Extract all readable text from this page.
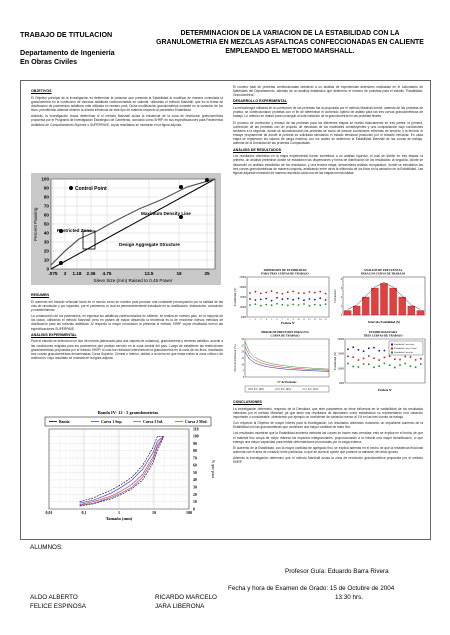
TRABAJO DE TITULACION
Departamento de Ingeniería
En Obras Civiles
DETERMINACION DE LA VARIACION DE LA ESTABILIDAD CON LA GRANULOMETRIA EN MEZCLAS ASFALTICAS CONFECCIONADAS EN CALIENTE EMPLEANDO EL METODO MARSHALL.
OBJETIVOS

El Objetivo principal de la investigación es determinar la variación que presenta la Estabilidad al modificar de manera controlada la granulometría en la confección de mezclas asfálticas confeccionadas en caliente, utilizando el método Marshall, que es la forma de dosificación de pavimentos asfálticos más utilizada en nuestro país. Dicha modificación granulométrica consiste en la variación de los finos, permitiendo además obtener la directa influencia de este tipo de material respecto al parámetro Estabilidad.

Además, la investigación busca determinar si el método Marshall acusa la existencia de la zona de restricción granulométrica propuesta por el Programa de Investigación Estratégico de Carreteras, conocido como SHRP, en sus especificaciones para Pavimentos Asfálticos de Comportamiento Superior o SUPERPAVE, cuyos resultados se muestran en la figura adjunta.

0
10
20
30
40
50
60
70
80
90
100
.075 3 1.18 2.36 4.75	12.5	19	25
Control Point
Restricted Zone
Maximum Density Line
Design Aggregate Structure
Percent Passing
Sieve Size (mm) Raised to 0.45 Power
RESUMEN

El aumento del tránsito vehicular tanto en el mundo como en nuestro país produce una constante preocupación por la calidad de las vías de circulación y por supuesto, por el pavimento; el cual es permanentemente estudiado en su dosificación, elaboración, colocación y mantenimiento.

La construcción de los pavimentos, en especial los asfálticos confeccionados en caliente, se realiza en nuestro país, en la mayoría de los casos, utilizando el método Marshall; pero en países de mayor desarrollo la tendencia es la de encontrar nuevos métodos de dosificación para las mezclas asfálticas. Al respecto la mayor innovación la presenta el método SHRP cuyos resultados fueron las especificaciones SUPERPAVE.

ANÁLISIS EXPERIMENTAL

Para el estudio se seleccionó un tipo de mezcla (adecuada para una carpeta de rodadura), granulometría y cemento asfáltico, acorde a las condiciones exigidas para los pavimentos que prestan servicio en la zona central del país. Luego de establecer las restricciones granulométricas propuestas por el método SHRP, lo cual fue realizado interviniendo la granulometría en la zona de los finos, resultando tres curvas granulométricas denominadas Curva Superior, Central e Inferior, debido a la forma en que éstas evitan la zona crítica o de restricción, cuyo resultado se muestra en la figura adjunta.

Banda IV- 12 - 5 granulometrías
Banda	Curva 1 Sup.	Curva 3 Inf.	Curva 2 Med.
0
10
20
30
40
50
60
70
80
90
100
110
0,01	0,1	1	10	100
% que pasa
Tamaño (mm)

El número total de probetas confeccionadas obedeció a un análisis de experiencias anteriores realizadas en el Laboratorio de Materiales del Departamento, además de un análisis estadístico que determinó el número de probetas para el estudio "Estabilidad-Granulometría".

DESARROLLO EXPERIMENTAL

La metodología utilizada en la confección de las probetas fue la propuesta por el método Marshall donde, además de las probetas de prueba, se confeccionaron probetas con el fin de determinar el contenido óptimo de asfalto para las tres curvas granulométricas de trabajo. Lo anterior se realizó para conseguir la sola variación de la granulometría en las probetas finales.

El proceso de confección y ensayo de las probetas para los diferentes etapas se realizó básicamente en tres partes: la primera, confección de las probetas con un proceso de mezclado de los materiales constituyentes y una compactación bajo condiciones similares a la segunda, donde se acondicionaron las probetas de modo de simular condiciones extremas de servicio; y la tercera, el ensaye propiamente tal donde la probeta es solicitada simulando el estado tensional producido por el tránsito vehicular. En cada etapa se registraron los valores de carga máxima; con los cuales se determinó la Estabilidad Marshall de las curvas de trabajo, además de la Densidad de las probetas Compactadas.

ANÁLISIS DE RESULTADOS

Los resultados obtenidos en la etapa experimental fueron sometidos a un análisis riguroso, el cual se dividió en tres etapas: la primera, un análisis preliminar donde se estudiaron las dispersiones y forma de distribución de los resultados; la segunda, donde se desarrolló un análisis estadístico de los resultados, y una tercera etapa, denominada análisis comparativo, donde se estudiaron las tres curvas granulométricas de manera conjunta, analizando entre otros la influencia de los finos en la variación de la Estabilidad. Las figuras adjuntas muestran de manera resumida cada una de las etapas mencionadas.

DISPERSION DE ESTABILIDAD
PARA TRES CURVAS DE TRABAJO
5000
10000
15000
20000
25000
1	2	3	4	5	6	7	8	9	10	11	12	13	14	15
Estabilidad (N)
Probeta Nº
ANALISIS DE FRECUENCIA
PARA UNA CURVA DE TRABAJO
0
2
4
6
8
Frecuencia
Intervalo Estabilidad (N)
ERROR DE PRECISION PARA UNA
CURVA DE TRABAJO
0
5
10
15
20
25
30
Error de Precisión (%)
Nº de Probetas
E.C. 80%	E.C. 90%	E.C. 95%
ESTABILIDAD PARA
TRES CURVAS DE TRABAJO
5000
10000
15000
20000
Estabilidad Curva Sup.
Estabilidad Curva Central
Estabilidad Curva Inf.
Estabilidad (N)
Probeta Nº
CONCLUSIONES

La investigación determinó, respecto de la Densidad, que ante parámetros no tiene influencia en la variabilidad de los resultados obtenidos por el método Marshall, ya que tanto sus resultados de laboratorio como estadísticos no representaron una variación importante o considerable, obteniendo por ejemplo un coeficiente de variación menor al 1% en las tres curvas de trabajo.

Con respecto al Objetivo de mayor interés para la investigación, los resultados obtenidos mostraron un importante aumento de la Estabilidad con las granulometrías que contenían una mayor cantidad de árido fino.

Los resultados muestran que la Estabilidad aumenta mientras las curvas se hacen más cerradas; esto se explica en el hecho de que el material fino ocupa de mejor manera los espacios intergranulares, proporcionando a la mezcla una mayor densificación, lo que entrega una mayor capacidad para resistir deformaciones provocadas por la carga externa.

El aumento de la Estabilidad, con la mayor cantidad de agregado fino, se explica además en el hecho de que la resistencia friccional aumenta con el área de contacto entre partículas, lo que se suma al aporte que produce la trabazón del árido grueso.

Además la investigación determinó que el método Marshall acusa la zona de restricción granulométrica propuesta por el método SHRP.

ALUMNOS:
Profesor Guía: Eduardo Barra Rivera
Fecha y hora de Examen de Grado: 15 de Octubre de 2004
13:30 hrs.
ALDO ALBERTO
FELICE ESPINOSA
RICARDO MARCELO
JARA LIBERONA
